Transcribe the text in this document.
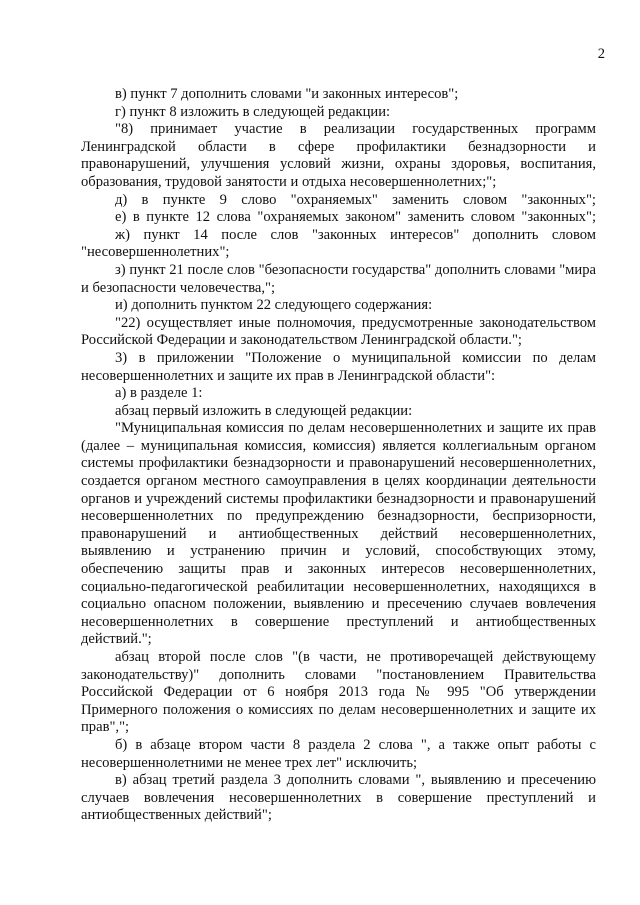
2

в) пункт 7 дополнить словами "и законных интересов";

г) пункт 8 изложить в следующей редакции:

"8) принимает участие в реализации государственных программ Ленинградской области в сфере профилактики безнадзорности и правонарушений, улучшения условий жизни, охраны здоровья, воспитания, образования, трудовой занятости и отдыха несовершеннолетних;";

д) в пункте 9 слово "охраняемых" заменить словом "законных";

е) в пункте 12 слова "охраняемых законом" заменить словом "законных";

ж) пункт 14 после слов "законных интересов" дополнить словом "несовершеннолетних";

з) пункт 21 после слов "безопасности государства" дополнить словами "мира и безопасности человечества,";

и) дополнить пунктом 22 следующего содержания:

"22) осуществляет иные полномочия, предусмотренные законодательством Российской Федерации и законодательством Ленинградской области.";

3) в приложении "Положение о муниципальной комиссии по делам несовершеннолетних и защите их прав в Ленинградской области":

а) в разделе 1:

абзац первый изложить в следующей редакции:

"Муниципальная комиссия по делам несовершеннолетних и защите их прав (далее – муниципальная комиссия, комиссия) является коллегиальным органом системы профилактики безнадзорности и правонарушений несовершеннолетних, создается органом местного самоуправления в целях координации деятельности органов и учреждений системы профилактики безнадзорности и правонарушений несовершеннолетних по предупреждению безнадзорности, беспризорности, правонарушений и антиобщественных действий несовершеннолетних, выявлению и устранению причин и условий, способствующих этому, обеспечению защиты прав и законных интересов несовершеннолетних, социально-педагогической реабилитации несовершеннолетних, находящихся в социально опасном положении, выявлению и пресечению случаев вовлечения несовершеннолетних в совершение преступлений и антиобщественных действий.";

абзац второй после слов "(в части, не противоречащей действующему законодательству)" дополнить словами "постановлением Правительства Российской Федерации от 6 ноября 2013 года № 995 "Об утверждении Примерного положения о комиссиях по делам несовершеннолетних и защите их прав",";

б) в абзаце втором части 8 раздела 2 слова ", а также опыт работы с несовершеннолетними не менее трех лет" исключить;

в) абзац третий раздела 3 дополнить словами ", выявлению и пресечению случаев вовлечения несовершеннолетних в совершение преступлений и антиобщественных действий";
